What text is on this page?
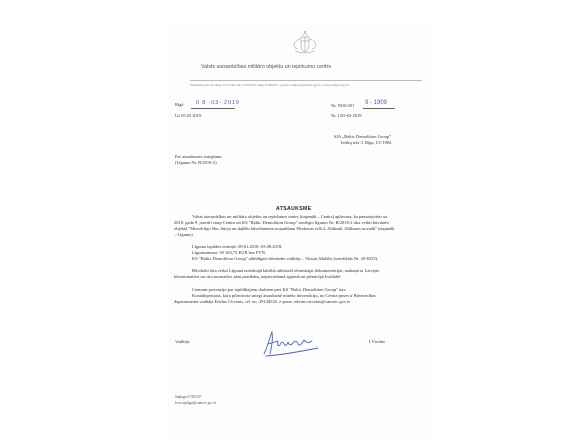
Valsts aizsardzības militāro objektu un iepirkumu centrs
Ernestīnes iela 34, Rīga, LV-1046, tālr. 67300200, fakss 67300207, e-pasts: vamoic@vamoic.gov.lv, www.vamoic.gov.lv
Rīgā 0 8 -03- 2019	Nr. NOS/201 9 - 1909
Uz 05.02.2019.	Nr. 1/05-02-2019
SIA „Baltic Demolition Group”
Ierikų iela 3, Rīga, LV-1084
Par atsauksmes sniegšanu
(Līgums Nr. B/2018-2)
ATSAUKSME

Valsts aizsardzības un militāro objektu un iepirkumu centrs (turpmāk – Centrs) apliecina, ka pamatojoties uz 2018. gada 9. janvārī starp Centru un KS "Baltic Demolition Group" noslēgto līgumu Nr. B/2018-2 tika veikti būvdarbi objektā "Murvērtīgo ēku, būvju un daļēdu būvelementu nojaukšana Pleskavas ielā 2, Alūksnē, Alūksnes novadā" (turpmāk – Līgums).

Līguma izpildes termiņš: 09.01.2018.-03.08.2018.

Līgumsumma: 39 163,73 EUR bez PVN.

KS "Baltic Demolition Group" atbildīgais būvdarbu vadītājs – Vitauts Mažilis (sertifikāts Nr. 20-6535).

Būvdarbi tika veikti Līgumā noteiktajā kārtībā atbilstoši tehniskajai dokumentācijai, saskaņā ar Latvijas būvnormatīvu un citu normatīvo aktu prasībām, nepieciešamā apjomā un pienācīgā kvalitātē.

Centram pretenziju par izpildītajiem darbiem pret KS "Baltic Demolition Group" nav.

Kontaktpersona, kura pilnvarota sniegt atsauksmē minēto informāciju, no Centra puses ir Būvniecības departamenta vadītājs Edvīns Circenis, tel. no. 29144530, e-pasts: edvins.circenis@vamoic.gov.lv.

Vadītājs	I.Vucāns
Saplaga 67301107
Ieva.saplaga@vamoic.gov.lv
